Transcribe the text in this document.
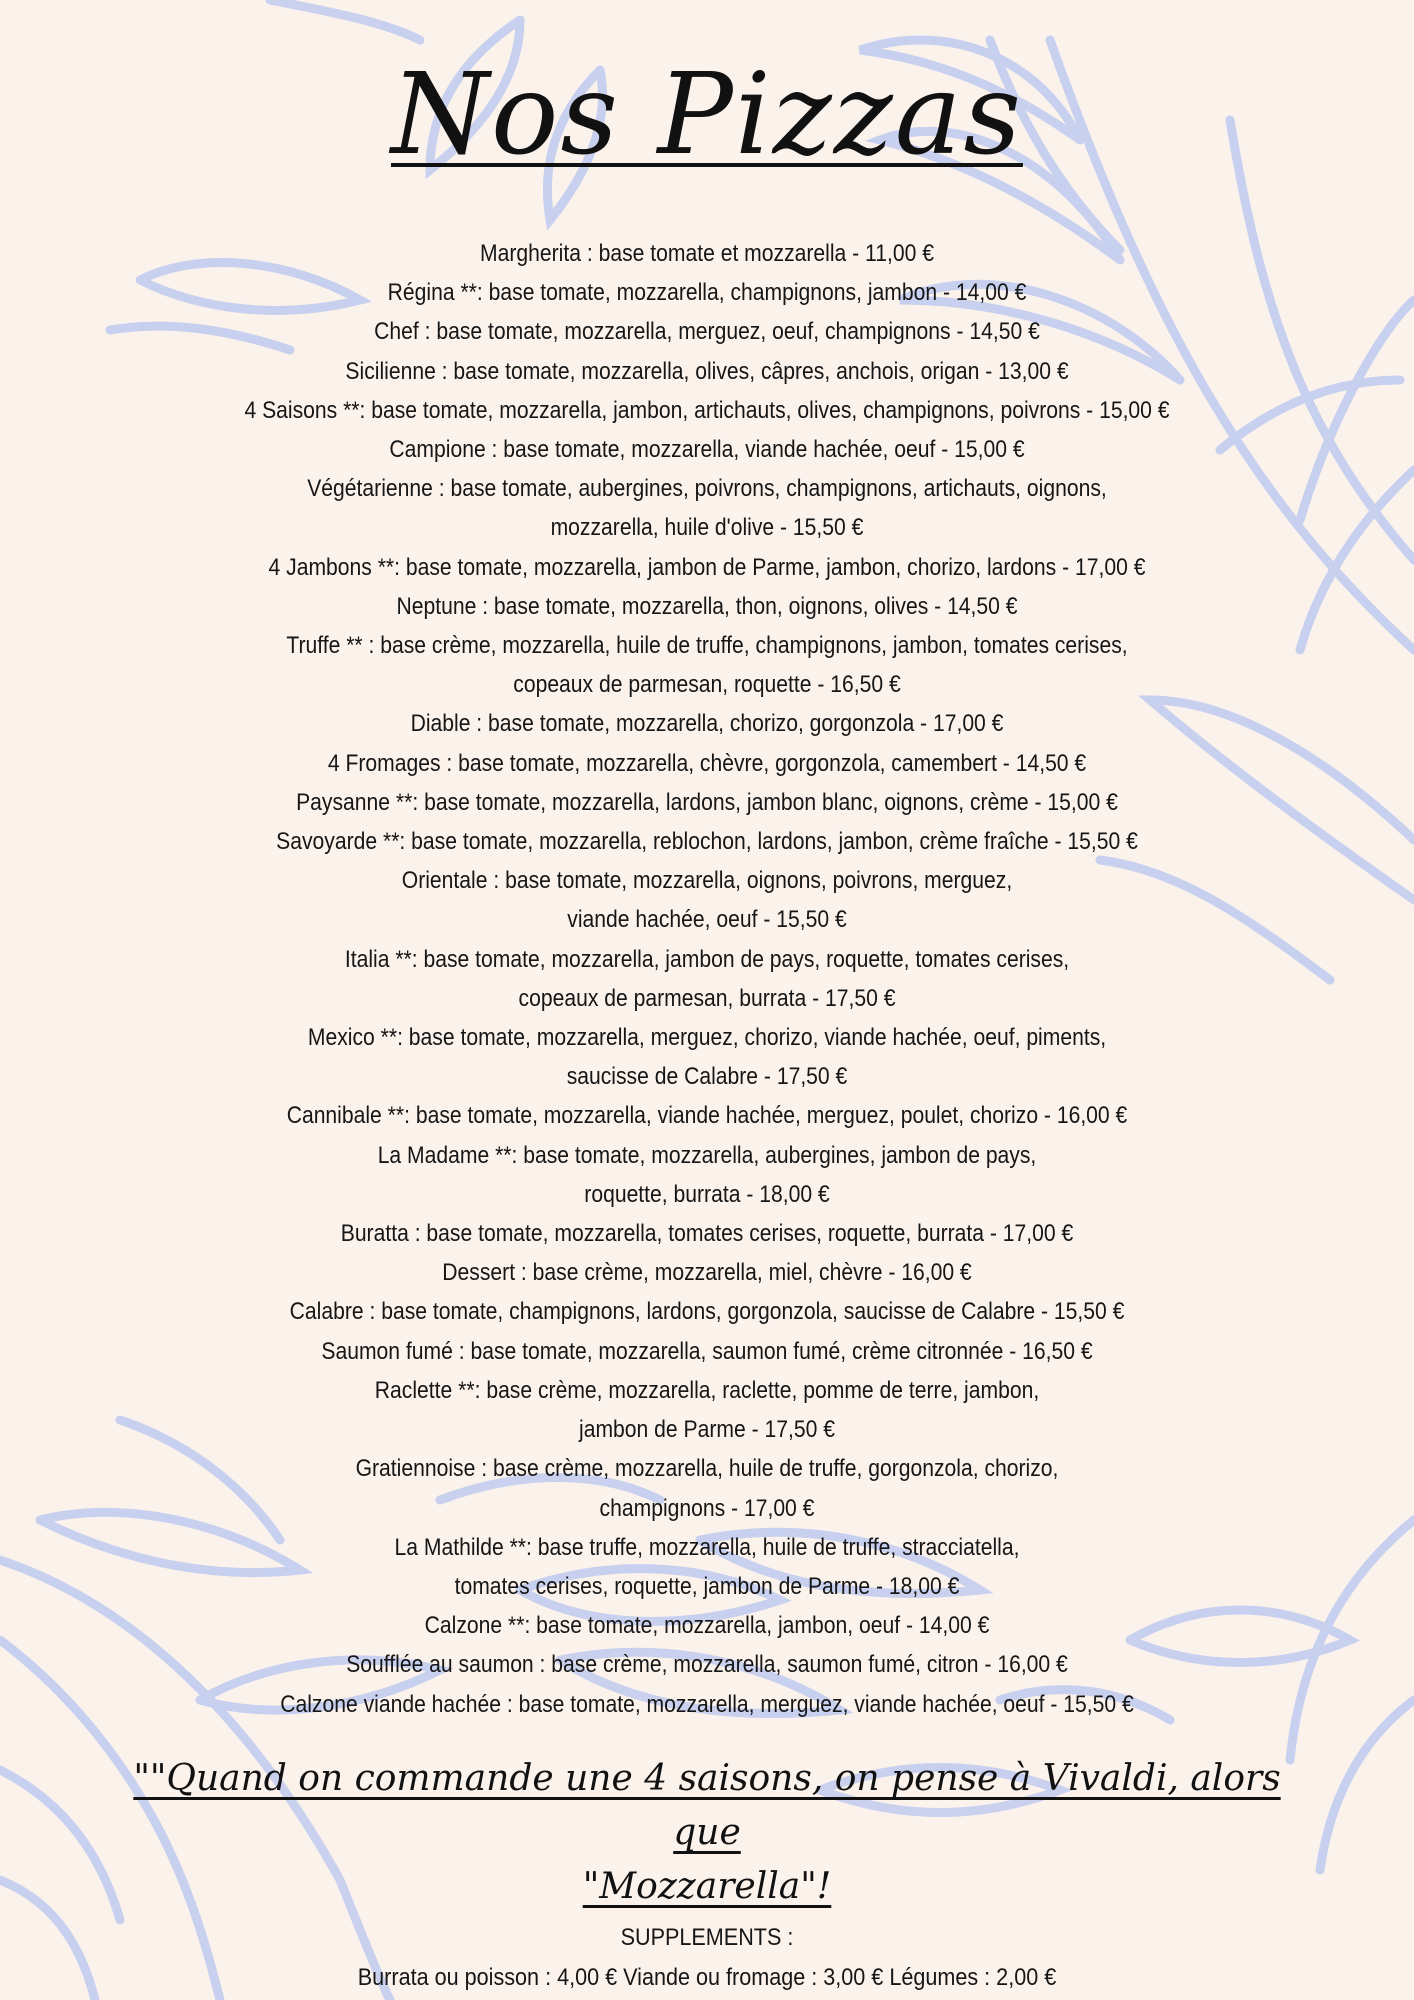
Nos Pizzas
Margherita : base tomate et mozzarella - 11,00 €
Régina **: base tomate, mozzarella, champignons, jambon - 14,00 €
Chef : base tomate, mozzarella, merguez, oeuf, champignons - 14,50 €
Sicilienne : base tomate, mozzarella, olives, câpres, anchois, origan - 13,00 €
4 Saisons **: base tomate, mozzarella, jambon, artichauts, olives, champignons, poivrons - 15,00 €
Campione : base tomate, mozzarella, viande hachée, oeuf - 15,00 €
Végétarienne : base tomate, aubergines, poivrons, champignons, artichauts, oignons,
mozzarella, huile d'olive - 15,50 €
4 Jambons **: base tomate, mozzarella, jambon de Parme, jambon, chorizo, lardons - 17,00 €
Neptune : base tomate, mozzarella, thon, oignons, olives - 14,50 €
Truffe ** : base crème, mozzarella, huile de truffe, champignons, jambon, tomates cerises,
copeaux de parmesan, roquette - 16,50 €
Diable : base tomate, mozzarella, chorizo, gorgonzola - 17,00 €
4 Fromages : base tomate, mozzarella, chèvre, gorgonzola, camembert - 14,50 €
Paysanne **: base tomate, mozzarella, lardons, jambon blanc, oignons, crème - 15,00 €
Savoyarde **: base tomate, mozzarella, reblochon, lardons, jambon, crème fraîche - 15,50 €
Orientale : base tomate, mozzarella, oignons, poivrons, merguez,
viande hachée, oeuf - 15,50 €
Italia **: base tomate, mozzarella, jambon de pays, roquette, tomates cerises,
copeaux de parmesan, burrata - 17,50 €
Mexico **: base tomate, mozzarella, merguez, chorizo, viande hachée, oeuf, piments,
saucisse de Calabre - 17,50 €
Cannibale **: base tomate, mozzarella, viande hachée, merguez, poulet, chorizo - 16,00 €
La Madame **: base tomate, mozzarella, aubergines, jambon de pays,
roquette, burrata - 18,00 €
Buratta : base tomate, mozzarella, tomates cerises, roquette, burrata - 17,00 €
Dessert : base crème, mozzarella, miel, chèvre - 16,00 €
Calabre : base tomate, champignons, lardons, gorgonzola, saucisse de Calabre - 15,50 €
Saumon fumé : base tomate, mozzarella, saumon fumé, crème citronnée - 16,50 €
Raclette **: base crème, mozzarella, raclette, pomme de terre, jambon,
jambon de Parme - 17,50 €
Gratiennoise : base crème, mozzarella, huile de truffe, gorgonzola, chorizo,
champignons - 17,00 €
La Mathilde **: base truffe, mozzarella, huile de truffe, stracciatella,
tomates cerises, roquette, jambon de Parme - 18,00 €
Calzone **: base tomate, mozzarella, jambon, oeuf - 14,00 €
Soufflée au saumon : base crème, mozzarella, saumon fumé, citron - 16,00 €
Calzone viande hachée : base tomate, mozzarella, merguez, viande hachée, oeuf - 15,50 €
""Quand on commande une 4 saisons, on pense à Vivaldi, alors que
"Mozzarella"!
SUPPLEMENTS :
Burrata ou poisson : 4,00 € Viande ou fromage : 3,00 € Légumes : 2,00 €
